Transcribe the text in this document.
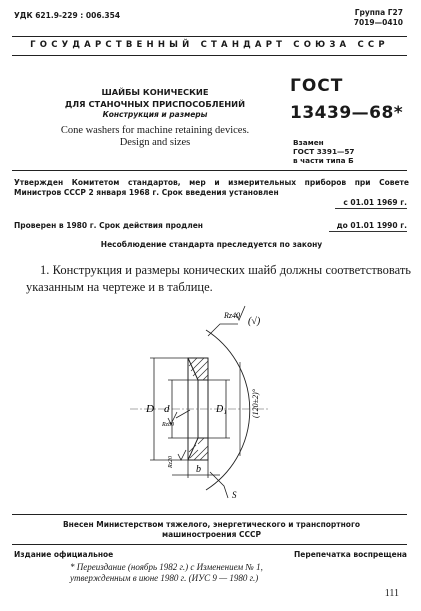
УДК 621.9-229 : 006.354	Группа Г27
7019—0410
ГОСУДАРСТВЕННЫЙ СТАНДАРТ СОЮЗА ССР
ШАЙБЫ КОНИЧЕСКИЕ
ДЛЯ СТАНОЧНЫХ ПРИСПОСОБЛЕНИЙ
Конструкция и размеры
Cone washers for machine retaining devices.
Design and sizes
ГОСТ
13439—68*
Взамен
ГОСТ 3391—57
в части типа Б
Утвержден Комитетом стандартов, мер и измерительных приборов при Совете Министров СССР 2 января 1968 г. Срок введения установлен
с 01.01 1969 г.
Проверен в 1980 г. Срок действия продлен	до 01.01 1990 г.
Несоблюдение стандарта преследуется по закону
1. Конструкция и размеры конических шайб должны соответствовать указанным на чертеже и в таблице.
Rz40
(√)
D d	D₁
Rz80
(120±2)°
Rz20
b
S
Внесен Министерством тяжелого, энергетического и транспортного
машиностроения СССР
Издание официальное	Перепечатка воспрещена
* Переиздание (ноябрь 1982 г.) с Изменением № 1,
утвержденным в июне 1980 г. (ИУС 9 — 1980 г.)
111
